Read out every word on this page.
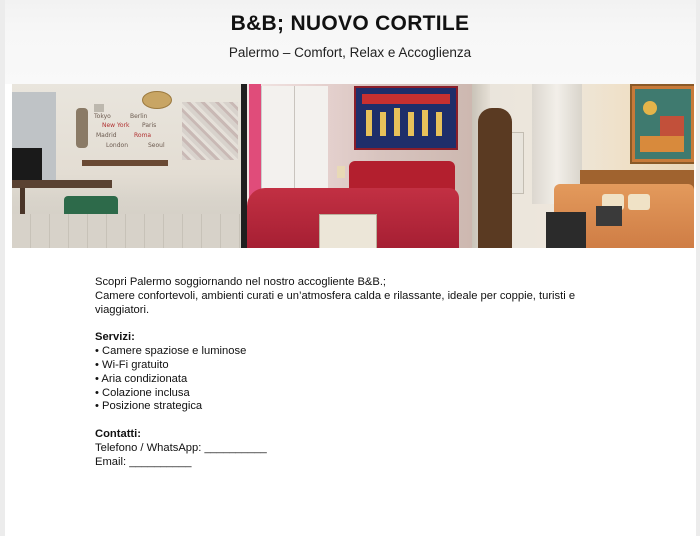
B&B; NUOVO CORTILE
Palermo – Comfort, Relax e Accoglienza
Tokyo	Berlin
New York Paris
Madrid	Roma
London	Seoul

Scopri Palermo soggiornando nel nostro accogliente B&B.;

Camere confortevoli, ambienti curati e un’atmosfera calda e rilassante, ideale per coppie, turisti e viaggiatori.

Servizi:

• Camere spaziose e luminose
• Wi-Fi gratuito
• Aria condizionata
• Colazione inclusa
• Posizione strategica

Contatti:

Telefono / WhatsApp: __________

Email: __________
